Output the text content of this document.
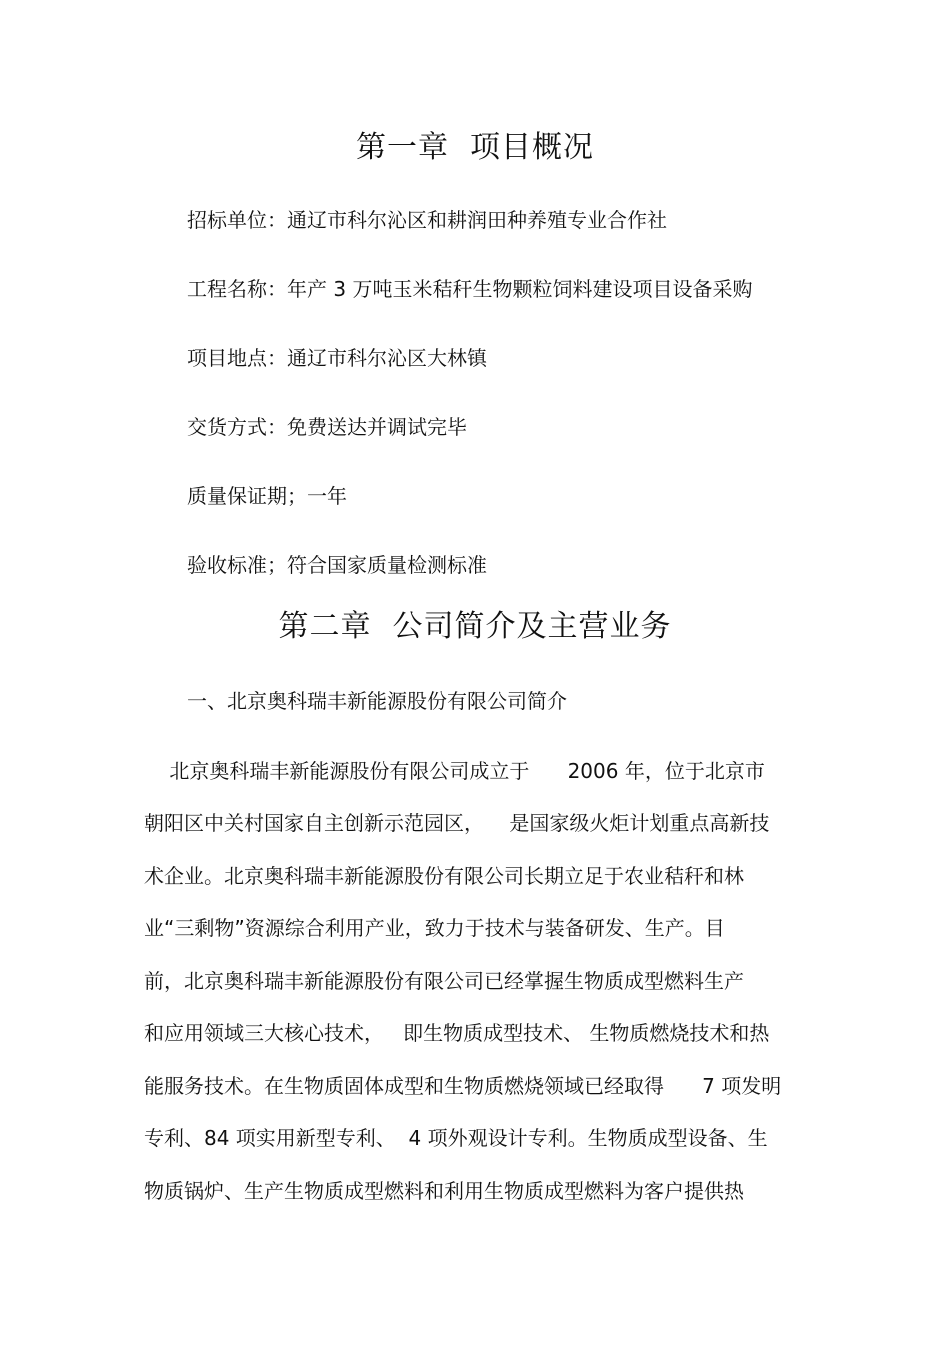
第一章  项目概况
招标单位：通辽市科尔沁区和耕润田种养殖专业合作社
工程名称：年产 3 万吨玉米秸秆生物颗粒饲料建设项目设备采购
项目地点：通辽市科尔沁区大林镇
交货方式：免费送达并调试完毕
质量保证期；一年
验收标准；符合国家质量检测标准
第二章  公司简介及主营业务
一、北京奥科瑞丰新能源股份有限公司简介
北京奥科瑞丰新能源股份有限公司成立于      2006 年，位于北京市
朝阳区中关村国家自主创新示范园区，    是国家级火炬计划重点高新技
术企业。北京奥科瑞丰新能源股份有限公司长期立足于农业秸秆和林
业“三剩物”资源综合利用产业，致力于技术与装备研发、生产。目
前，北京奥科瑞丰新能源股份有限公司已经掌握生物质成型燃料生产
和应用领域三大核心技术，   即生物质成型技术、 生物质燃烧技术和热
能服务技术。在生物质固体成型和生物质燃烧领域已经取得      7 项发明
专利、84 项实用新型专利、  4 项外观设计专利。生物质成型设备、生
物质锅炉、生产生物质成型燃料和利用生物质成型燃料为客户提供热
